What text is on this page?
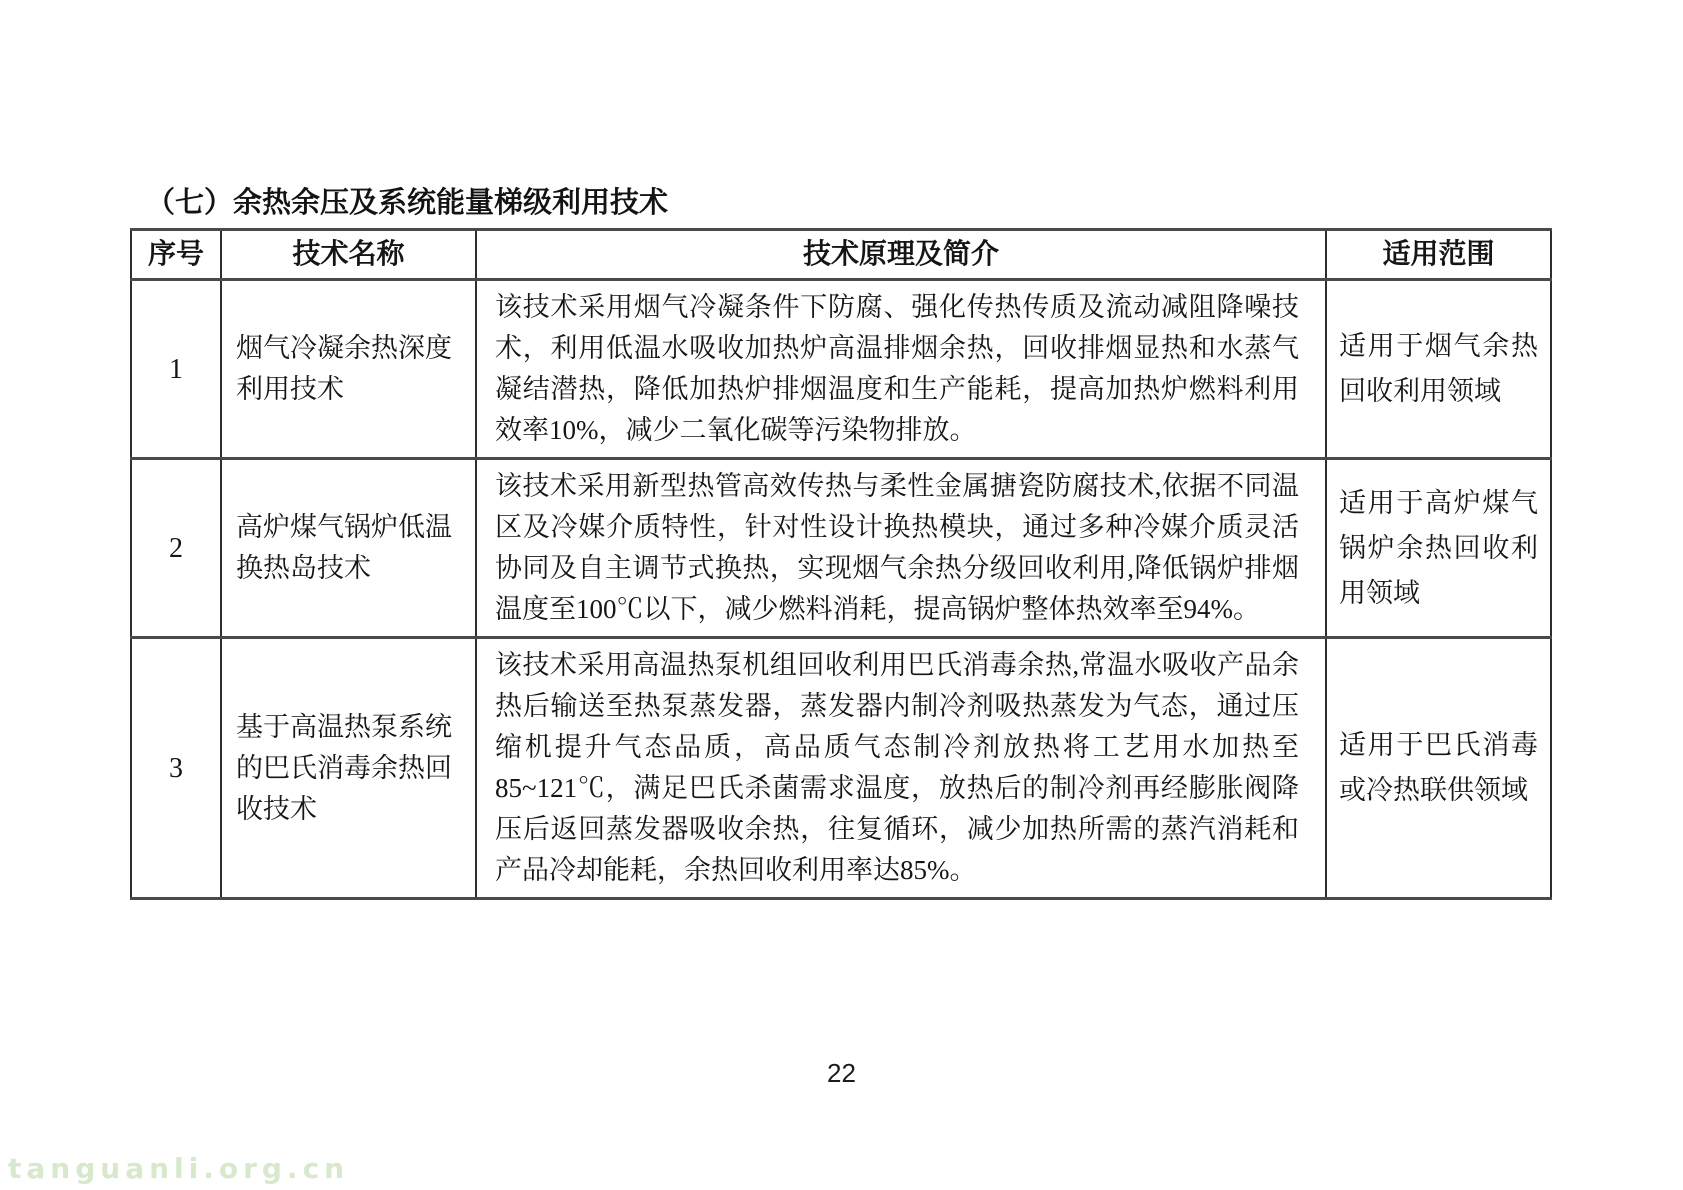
（七）余热余压及系统能量梯级利用技术
序号	技术名称	技术原理及简介	适用范围
1	烟气冷凝余热深度利用技术	该技术采用烟气冷凝条件下防腐、强化传热传质及流动减阻降噪技术，利用低温水吸收加热炉高温排烟余热，回收排烟显热和水蒸气凝结潜热，降低加热炉排烟温度和生产能耗，提高加热炉燃料利用效率10%，减少二氧化碳等污染物排放。	适用于烟气余热回收利用领域
2	高炉煤气锅炉低温换热岛技术	该技术采用新型热管高效传热与柔性金属搪瓷防腐技术,依据不同温区及冷媒介质特性，针对性设计换热模块，通过多种冷媒介质灵活协同及自主调节式换热，实现烟气余热分级回收利用,降低锅炉排烟温度至100℃以下，减少燃料消耗，提高锅炉整体热效率至94%。	适用于高炉煤气锅炉余热回收利用领域
3	基于高温热泵系统的巴氏消毒余热回收技术	该技术采用高温热泵机组回收利用巴氏消毒余热,常温水吸收产品余热后输送至热泵蒸发器，蒸发器内制冷剂吸热蒸发为气态，通过压缩机提升气态品质，高品质气态制冷剂放热将工艺用水加热至85~121℃，满足巴氏杀菌需求温度，放热后的制冷剂再经膨胀阀降压后返回蒸发器吸收余热，往复循环，减少加热所需的蒸汽消耗和产品冷却能耗，余热回收利用率达85%。	适用于巴氏消毒或冷热联供领域
22
tanguanli.org.cn
